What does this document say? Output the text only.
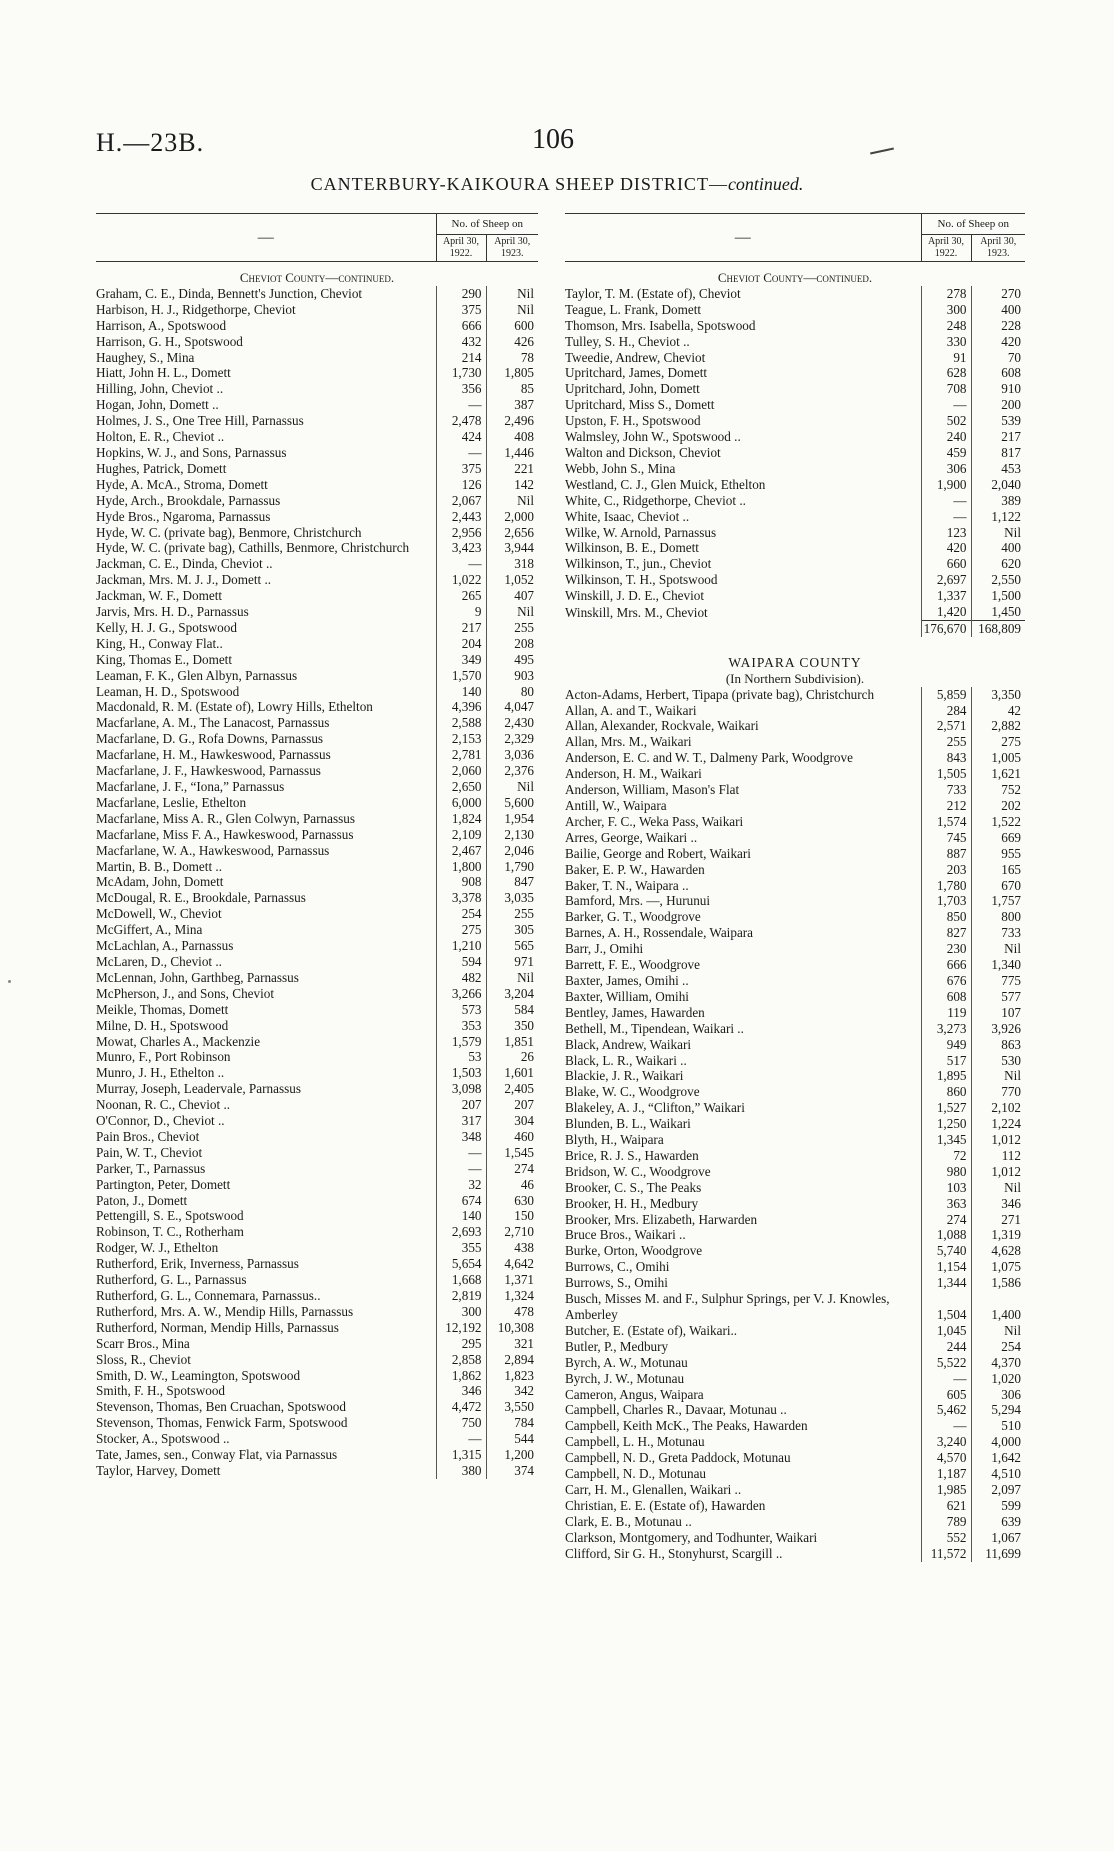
H.—23B.	106
CANTERBURY-KAIKOURA SHEEP DISTRICT—continued.
—	No. of Sheep on	
	April 30, 1922.	April 30, 1923.
Cheviot County—continued.		
Graham, C. E., Dinda, Bennett's Junction, Cheviot	290	Nil
Harbison, H. J., Ridgethorpe, Cheviot	375	Nil
Harrison, A., Spotswood	666	600
Harrison, G. H., Spotswood	432	426
Haughey, S., Mina	214	78
Hiatt, John H. L., Domett	1,730	1,805
Hilling, John, Cheviot ..	356	85
Hogan, John, Domett ..	—	387
Holmes, J. S., One Tree Hill, Parnassus	2,478	2,496
Holton, E. R., Cheviot ..	424	408
Hopkins, W. J., and Sons, Parnassus	—	1,446
Hughes, Patrick, Domett	375	221
Hyde, A. McA., Stroma, Domett	126	142
Hyde, Arch., Brookdale, Parnassus	2,067	Nil
Hyde Bros., Ngaroma, Parnassus	2,443	2,000
Hyde, W. C. (private bag), Benmore, Christchurch	2,956	2,656
Hyde, W. C. (private bag), Cathills, Benmore, Christchurch	3,423	3,944
Jackman, C. E., Dinda, Cheviot ..	—	318
Jackman, Mrs. M. J. J., Domett ..	1,022	1,052
Jackman, W. F., Domett	265	407
Jarvis, Mrs. H. D., Parnassus	9	Nil
Kelly, H. J. G., Spotswood	217	255
King, H., Conway Flat..	204	208
King, Thomas E., Domett	349	495
Leaman, F. K., Glen Albyn, Parnassus	1,570	903
Leaman, H. D., Spotswood	140	80
Macdonald, R. M. (Estate of), Lowry Hills, Ethelton	4,396	4,047
Macfarlane, A. M., The Lanacost, Parnassus	2,588	2,430
Macfarlane, D. G., Rofa Downs, Parnassus	2,153	2,329
Macfarlane, H. M., Hawkeswood, Parnassus	2,781	3,036
Macfarlane, J. F., Hawkeswood, Parnassus	2,060	2,376
Macfarlane, J. F., “Iona,” Parnassus	2,650	Nil
Macfarlane, Leslie, Ethelton	6,000	5,600
Macfarlane, Miss A. R., Glen Colwyn, Parnassus	1,824	1,954
Macfarlane, Miss F. A., Hawkeswood, Parnassus	2,109	2,130
Macfarlane, W. A., Hawkeswood, Parnassus	2,467	2,046
Martin, B. B., Domett ..	1,800	1,790
McAdam, John, Domett	908	847
McDougal, R. E., Brookdale, Parnassus	3,378	3,035
McDowell, W., Cheviot	254	255
McGiffert, A., Mina	275	305
McLachlan, A., Parnassus	1,210	565
McLaren, D., Cheviot ..	594	971
McLennan, John, Garthbeg, Parnassus	482	Nil
McPherson, J., and Sons, Cheviot	3,266	3,204
Meikle, Thomas, Domett	573	584
Milne, D. H., Spotswood	353	350
Mowat, Charles A., Mackenzie	1,579	1,851
Munro, F., Port Robinson	53	26
Munro, J. H., Ethelton ..	1,503	1,601
Murray, Joseph, Leadervale, Parnassus	3,098	2,405
Noonan, R. C., Cheviot ..	207	207
O'Connor, D., Cheviot ..	317	304
Pain Bros., Cheviot	348	460
Pain, W. T., Cheviot	—	1,545
Parker, T., Parnassus	—	274
Partington, Peter, Domett	32	46
Paton, J., Domett	674	630
Pettengill, S. E., Spotswood	140	150
Robinson, T. C., Rotherham	2,693	2,710
Rodger, W. J., Ethelton	355	438
Rutherford, Erik, Inverness, Parnassus	5,654	4,642
Rutherford, G. L., Parnassus	1,668	1,371
Rutherford, G. L., Connemara, Parnassus..	2,819	1,324
Rutherford, Mrs. A. W., Mendip Hills, Parnassus	300	478
Rutherford, Norman, Mendip Hills, Parnassus	12,192	10,308
Scarr Bros., Mina	295	321
Sloss, R., Cheviot	2,858	2,894
Smith, D. W., Leamington, Spotswood	1,862	1,823
Smith, F. H., Spotswood	346	342
Stevenson, Thomas, Ben Cruachan, Spotswood	4,472	3,550
Stevenson, Thomas, Fenwick Farm, Spotswood	750	784
Stocker, A., Spotswood ..	—	544
Tate, James, sen., Conway Flat, via Parnassus	1,315	1,200
Taylor, Harvey, Domett	380	374
—	No. of Sheep on	
	April 30, 1922.	April 30, 1923.
Cheviot County—continued.		
Taylor, T. M. (Estate of), Cheviot	278	270
Teague, L. Frank, Domett	300	400
Thomson, Mrs. Isabella, Spotswood	248	228
Tulley, S. H., Cheviot ..	330	420
Tweedie, Andrew, Cheviot	91	70
Upritchard, James, Domett	628	608
Upritchard, John, Domett	708	910
Upritchard, Miss S., Domett	—	200
Upston, F. H., Spotswood	502	539
Walmsley, John W., Spotswood ..	240	217
Walton and Dickson, Cheviot	459	817
Webb, John S., Mina	306	453
Westland, C. J., Glen Muick, Ethelton	1,900	2,040
White, C., Ridgethorpe, Cheviot ..	—	389
White, Isaac, Cheviot ..	—	1,122
Wilke, W. Arnold, Parnassus	123	Nil
Wilkinson, B. E., Domett	420	400
Wilkinson, T., jun., Cheviot	660	620
Wilkinson, T. H., Spotswood	2,697	2,550
Winskill, J. D. E., Cheviot	1,337	1,500
Winskill, Mrs. M., Cheviot	1,420	1,450
	176,670	168,809
WAIPARA COUNTY		
(In Northern Subdivision).		
Acton-Adams, Herbert, Tipapa (private bag), Christchurch	5,859	3,350
Allan, A. and T., Waikari	284	42
Allan, Alexander, Rockvale, Waikari	2,571	2,882
Allan, Mrs. M., Waikari	255	275
Anderson, E. C. and W. T., Dalmeny Park, Woodgrove	843	1,005
Anderson, H. M., Waikari	1,505	1,621
Anderson, William, Mason's Flat	733	752
Antill, W., Waipara	212	202
Archer, F. C., Weka Pass, Waikari	1,574	1,522
Arres, George, Waikari ..	745	669
Bailie, George and Robert, Waikari	887	955
Baker, E. P. W., Hawarden	203	165
Baker, T. N., Waipara ..	1,780	670
Bamford, Mrs. —, Hurunui	1,703	1,757
Barker, G. T., Woodgrove	850	800
Barnes, A. H., Rossendale, Waipara	827	733
Barr, J., Omihi	230	Nil
Barrett, F. E., Woodgrove	666	1,340
Baxter, James, Omihi ..	676	775
Baxter, William, Omihi	608	577
Bentley, James, Hawarden	119	107
Bethell, M., Tipendean, Waikari ..	3,273	3,926
Black, Andrew, Waikari	949	863
Black, L. R., Waikari ..	517	530
Blackie, J. R., Waikari	1,895	Nil
Blake, W. C., Woodgrove	860	770
Blakeley, A. J., “Clifton,” Waikari	1,527	2,102
Blunden, B. L., Waikari	1,250	1,224
Blyth, H., Waipara	1,345	1,012
Brice, R. J. S., Hawarden	72	112
Bridson, W. C., Woodgrove	980	1,012
Brooker, C. S., The Peaks	103	Nil
Brooker, H. H., Medbury	363	346
Brooker, Mrs. Elizabeth, Harwarden	274	271
Bruce Bros., Waikari ..	1,088	1,319
Burke, Orton, Woodgrove	5,740	4,628
Burrows, C., Omihi	1,154	1,075
Burrows, S., Omihi	1,344	1,586
Busch, Misses M. and F., Sulphur Springs, per V. J. Knowles, Amberley	1,504	1,400
Butcher, E. (Estate of), Waikari..	1,045	Nil
Butler, P., Medbury	244	254
Byrch, A. W., Motunau	5,522	4,370
Byrch, J. W., Motunau	—	1,020
Cameron, Angus, Waipara	605	306
Campbell, Charles R., Davaar, Motunau ..	5,462	5,294
Campbell, Keith McK., The Peaks, Hawarden	—	510
Campbell, L. H., Motunau	3,240	4,000
Campbell, N. D., Greta Paddock, Motunau	4,570	1,642
Campbell, N. D., Motunau	1,187	4,510
Carr, H. M., Glenallen, Waikari ..	1,985	2,097
Christian, E. E. (Estate of), Hawarden	621	599
Clark, E. B., Motunau ..	789	639
Clarkson, Montgomery, and Todhunter, Waikari	552	1,067
Clifford, Sir G. H., Stonyhurst, Scargill ..	11,572	11,699
